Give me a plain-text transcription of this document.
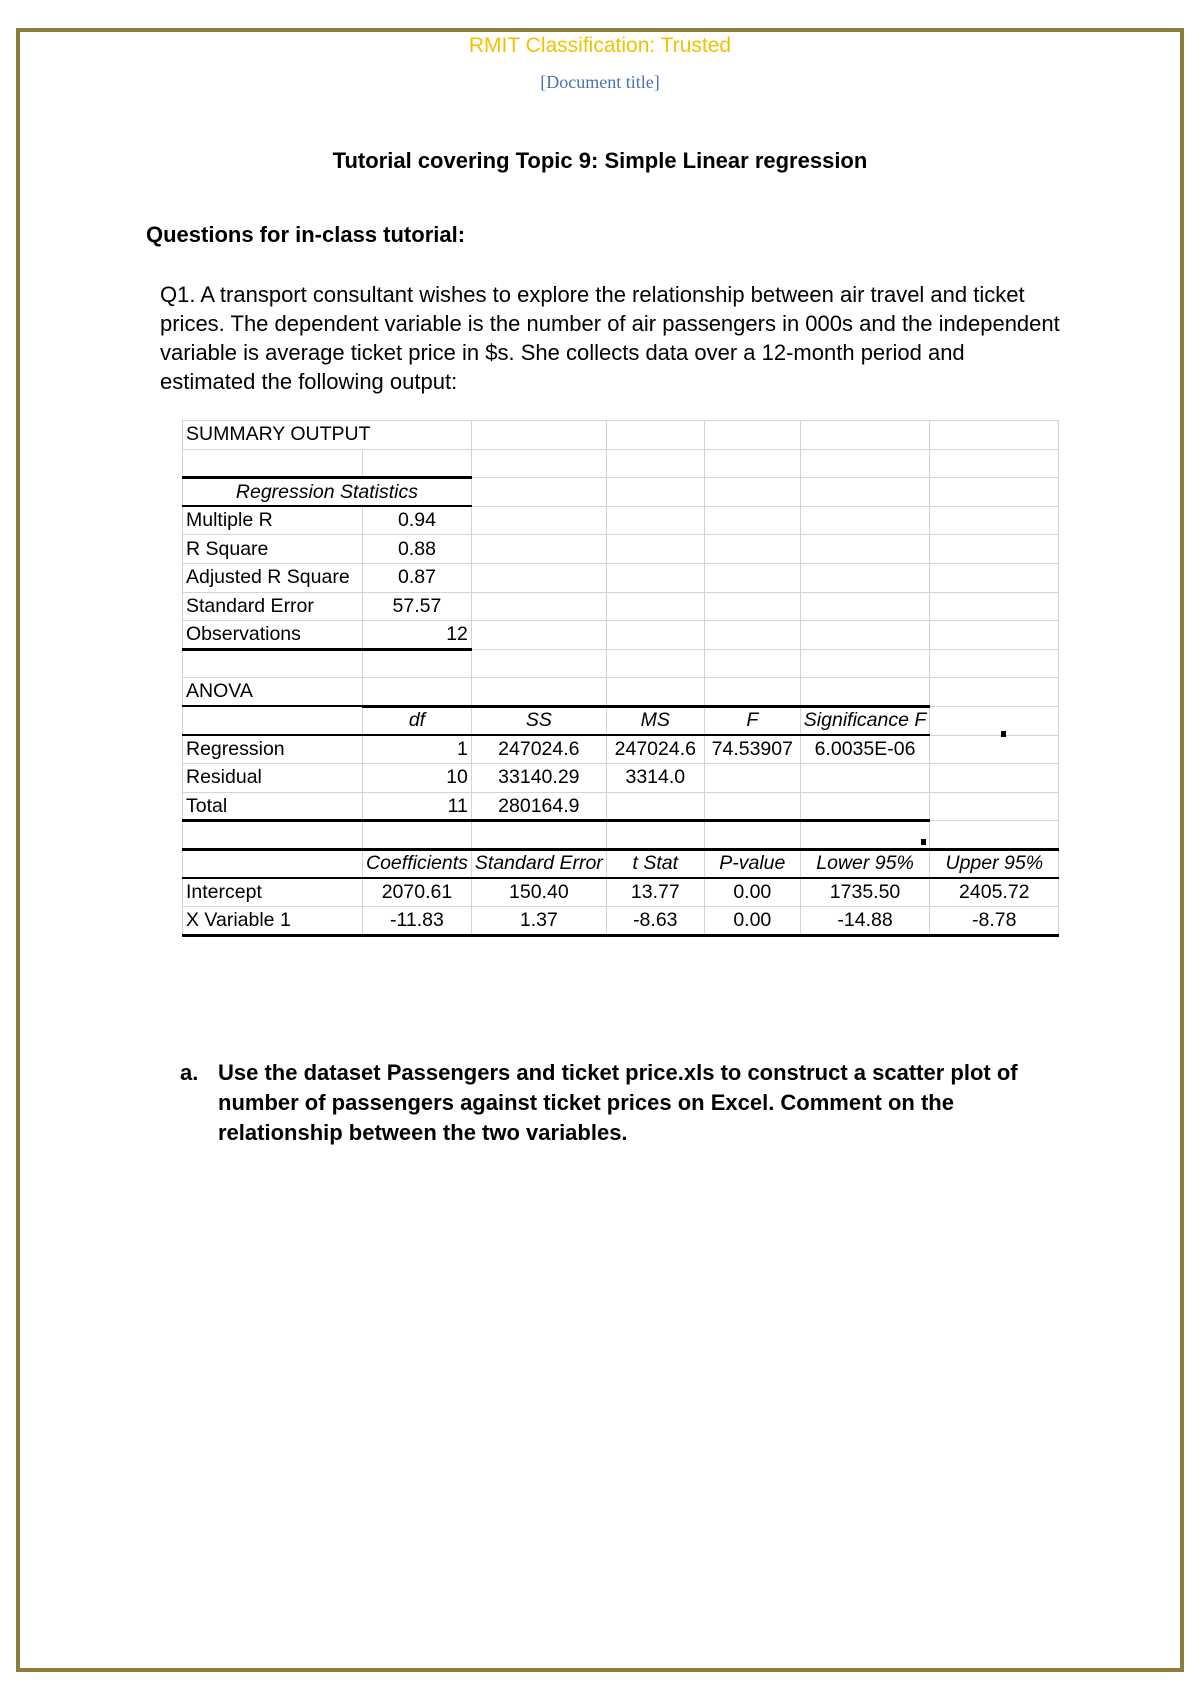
RMIT Classification: Trusted
[Document title]
Tutorial covering Topic 9: Simple Linear regression
Questions for in-class tutorial:

Q1. A transport consultant wishes to explore the relationship between air travel and ticket prices. The dependent variable is the number of air passengers in 000s and the independent variable is average ticket price in $s. She collects data over a 12-month period and estimated the following output:

SUMMARY OUTPUT						

Regression Statistics						
Multiple R	0.94					
R Square	0.88					
Adjusted R Square	0.87					
Standard Error	57.57					
Observations	12					

ANOVA						
	df	SS	MS	F	Significance F	
Regression	1	247024.6	247024.6	74.53907	6.0035E-06	
Residual	10	33140.29	3314.0			
Total	11	280164.9				

	Coefficients	Standard Error	t Stat	P-value	Lower 95%	Upper 95%
Intercept	2070.61	150.40	13.77	0.00	1735.50	2405.72
X Variable 1	-11.83	1.37	-8.63	0.00	-14.88	-8.78
a. Use the dataset Passengers and ticket price.xls to construct a scatter plot of number of passengers against ticket prices on Excel. Comment on the relationship between the two variables.
